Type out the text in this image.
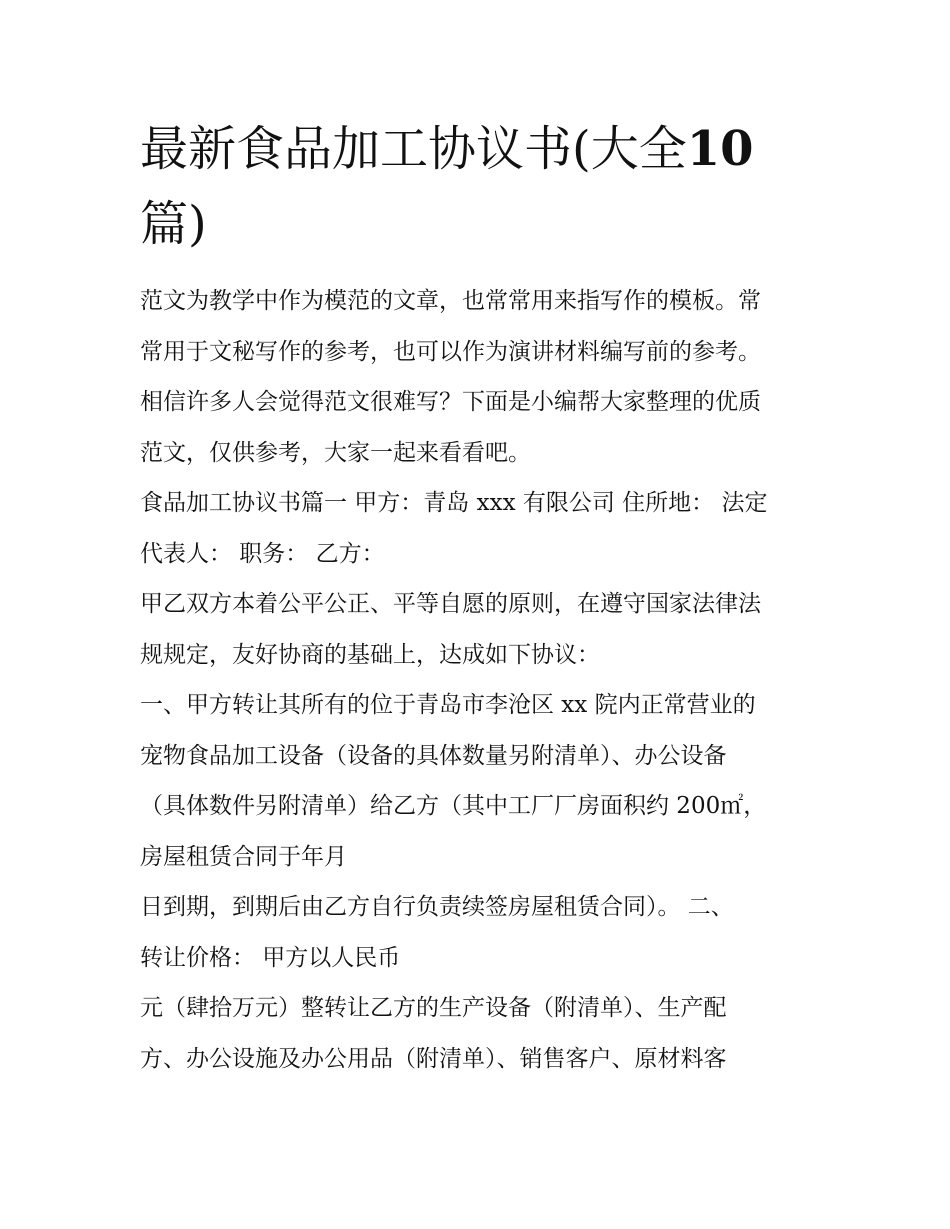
最新食品加工协议书(大全10
篇)

范文为教学中作为模范的文章，也常常用来指写作的模板。常
常用于文秘写作的参考，也可以作为演讲材料编写前的参考。
相信许多人会觉得范文很难写？下面是小编帮大家整理的优质
范文，仅供参考，大家一起来看看吧。

食品加工协议书篇一 甲方：青岛 xxx 有限公司 住所地： 法定
代表人： 职务： 乙方：

甲乙双方本着公平公正、平等自愿的原则，在遵守国家法律法
规规定，友好协商的基础上，达成如下协议：

一、甲方转让其所有的位于青岛市李沧区 xx 院内正常营业的
宠物食品加工设备（设备的具体数量另附清单）、办公设备
（具体数件另附清单）给乙方（其中工厂厂房面积约 200㎡，
房屋租赁合同于年月

日到期，到期后由乙方自行负责续签房屋租赁合同）。 二、
转让价格： 甲方以人民币

元（肆拾万元）整转让乙方的生产设备（附清单）、生产配
方、办公设施及办公用品（附清单）、销售客户、原材料客
